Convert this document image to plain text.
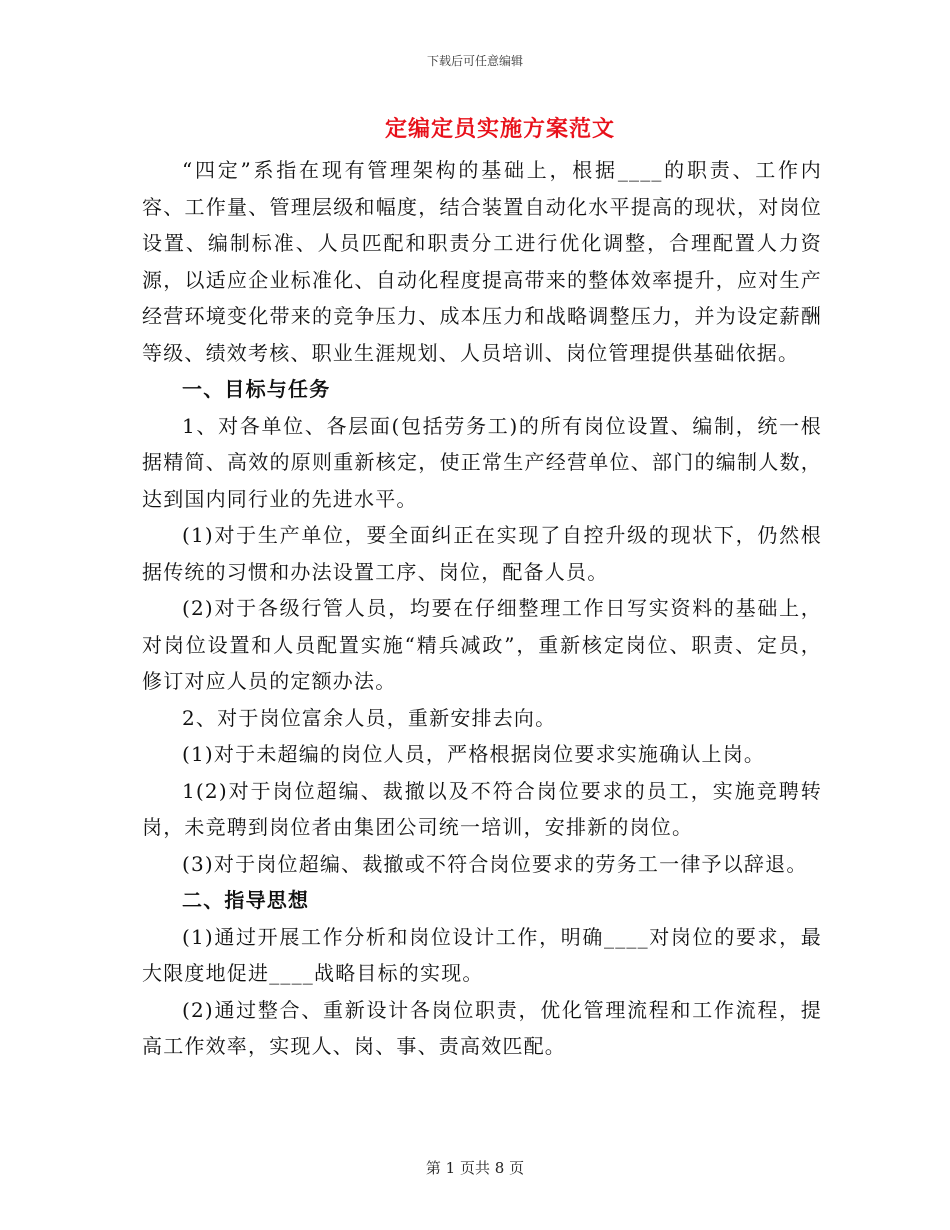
下载后可任意编辑
定编定员实施方案范文

“四定”系指在现有管理架构的基础上，根据____的职责、工作内容、工作量、管理层级和幅度，结合装置自动化水平提高的现状，对岗位设置、编制标准、人员匹配和职责分工进行优化调整，合理配置人力资源，以适应企业标准化、自动化程度提高带来的整体效率提升，应对生产经营环境变化带来的竞争压力、成本压力和战略调整压力，并为设定薪酬等级、绩效考核、职业生涯规划、人员培训、岗位管理提供基础依据。

一、目标与任务

1、对各单位、各层面(包括劳务工)的所有岗位设置、编制，统一根据精简、高效的原则重新核定，使正常生产经营单位、部门的编制人数，达到国内同行业的先进水平。

(1)对于生产单位，要全面纠正在实现了自控升级的现状下，仍然根据传统的习惯和办法设置工序、岗位，配备人员。

(2)对于各级行管人员，均要在仔细整理工作日写实资料的基础上，对岗位设置和人员配置实施“精兵减政”，重新核定岗位、职责、定员，修订对应人员的定额办法。

2、对于岗位富余人员，重新安排去向。

(1)对于未超编的岗位人员，严格根据岗位要求实施确认上岗。

1(2)对于岗位超编、裁撤以及不符合岗位要求的员工，实施竞聘转岗，未竞聘到岗位者由集团公司统一培训，安排新的岗位。

(3)对于岗位超编、裁撤或不符合岗位要求的劳务工一律予以辞退。

二、指导思想

(1)通过开展工作分析和岗位设计工作，明确____对岗位的要求，最大限度地促进____战略目标的实现。

(2)通过整合、重新设计各岗位职责，优化管理流程和工作流程，提高工作效率，实现人、岗、事、责高效匹配。

第 1 页共 8 页
